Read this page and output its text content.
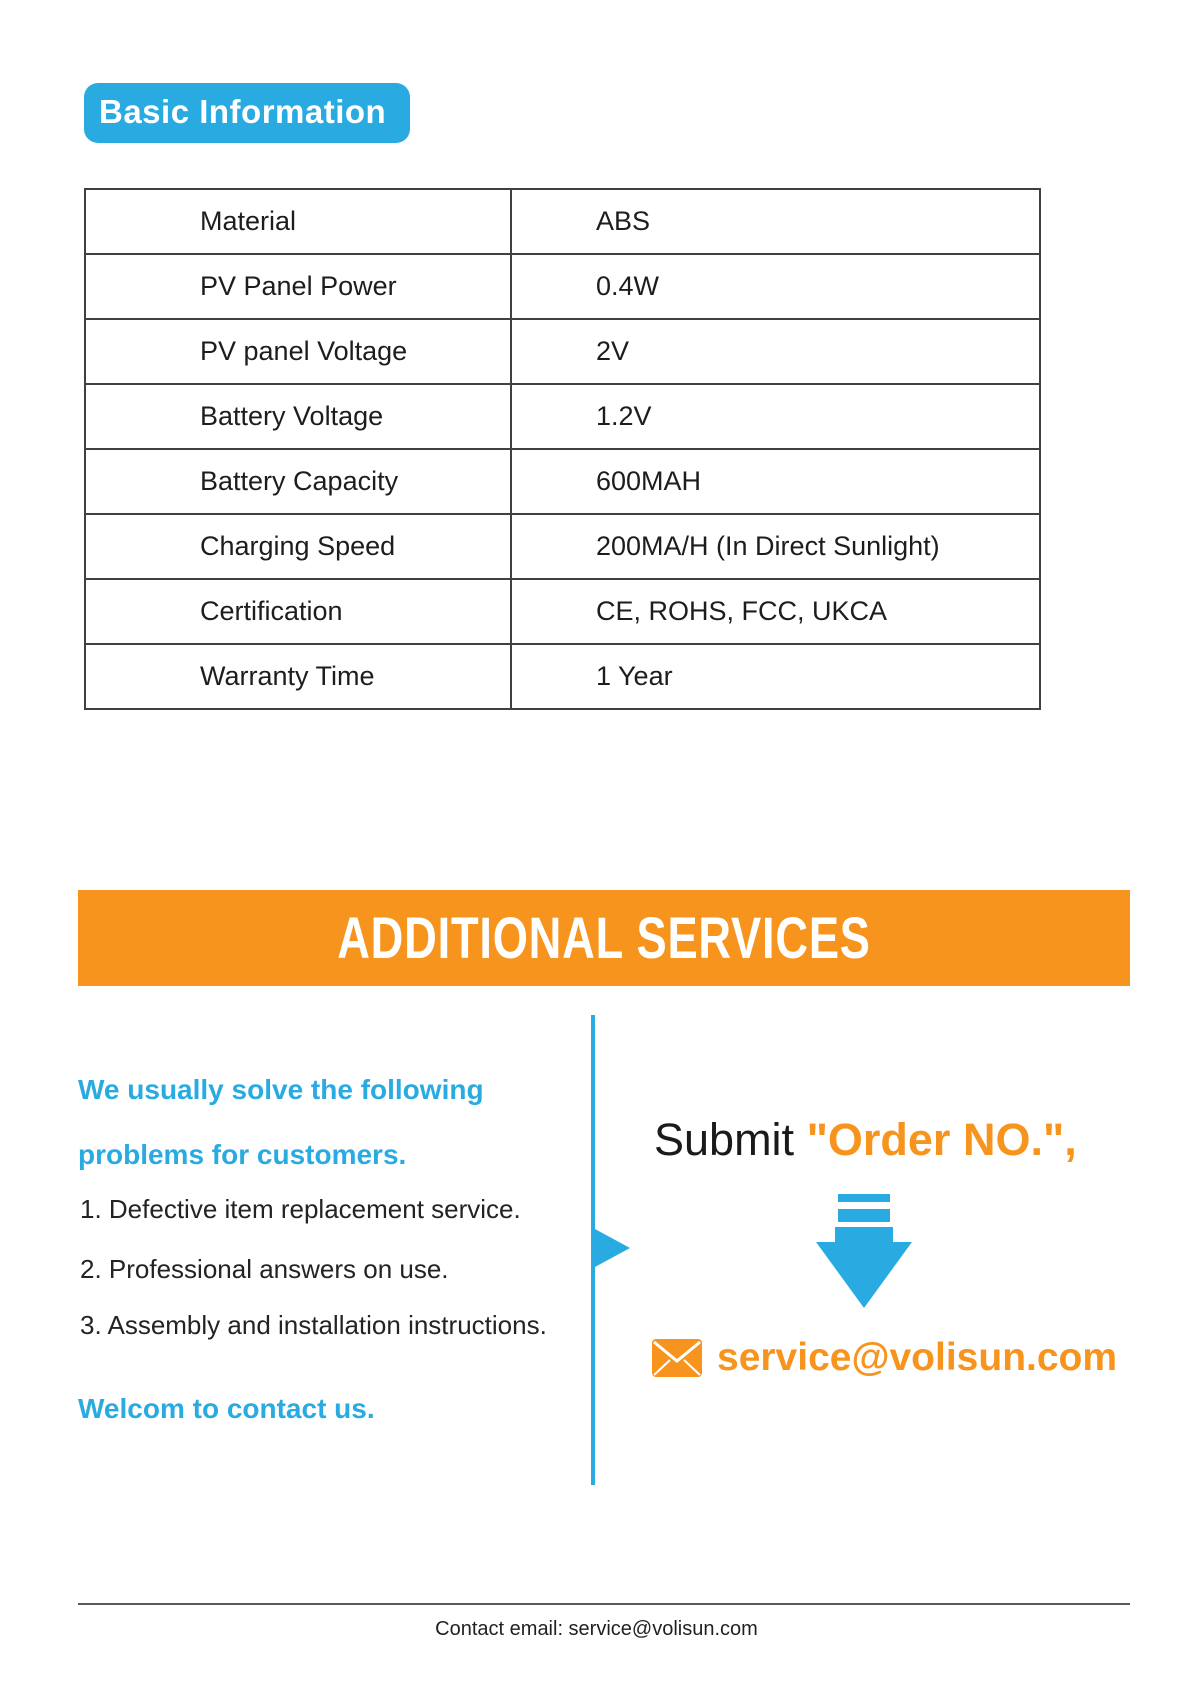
Basic Information
Material	ABS
PV Panel Power	0.4W
PV panel Voltage	2V
Battery Voltage	1.2V
Battery Capacity	600MAH
Charging Speed	200MA/H (In Direct Sunlight)
Certification	CE, ROHS, FCC, UKCA
Warranty Time	1 Year
ADDITIONAL SERVICES
We usually solve the following
problems for customers.
1. Defective item replacement service.
2. Professional answers on use.
3. Assembly and installation instructions.
Welcom to contact us.
Submit "Order NO.",
service@volisun.com
Contact email: service@volisun.com
